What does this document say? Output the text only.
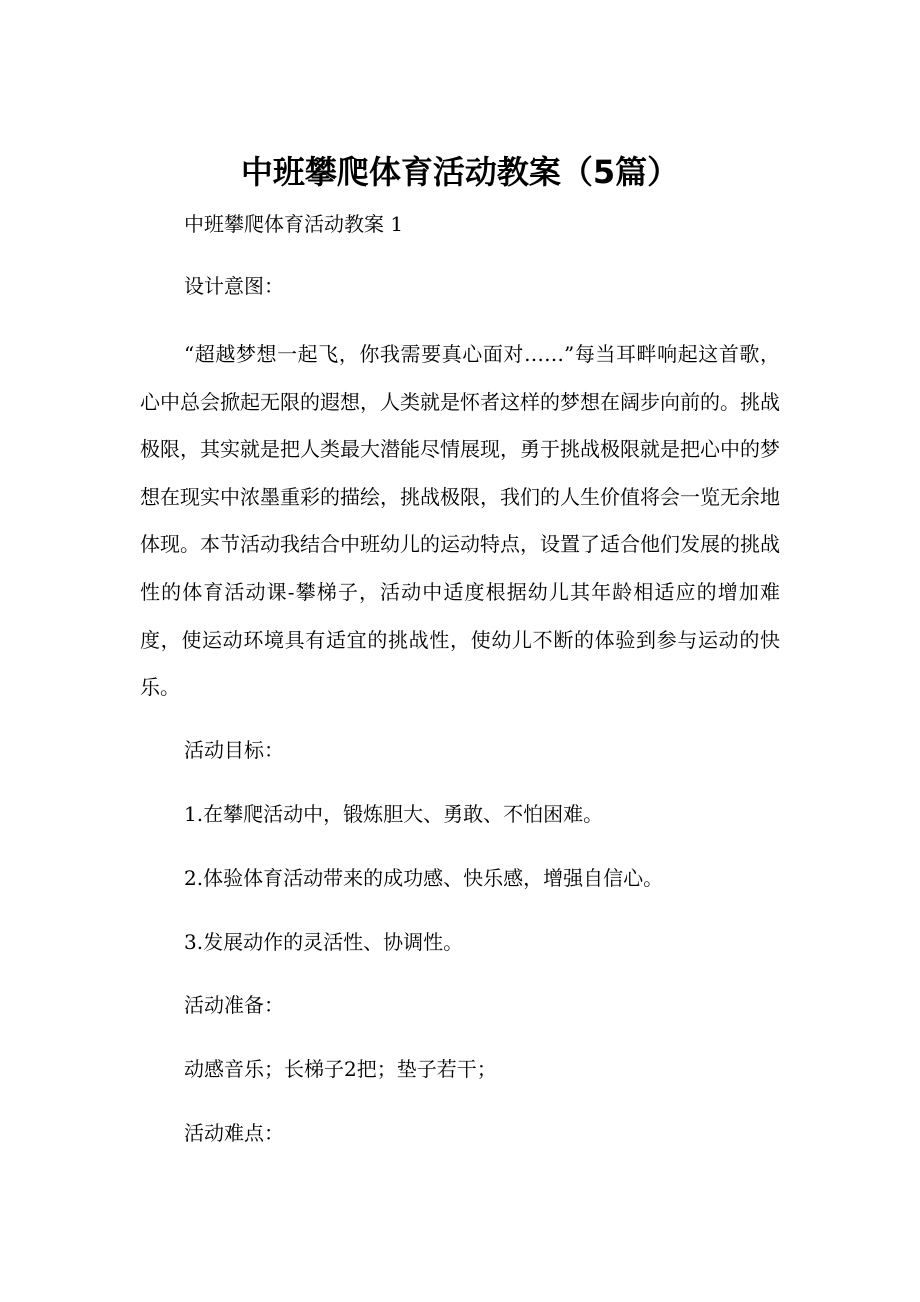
中班攀爬体育活动教案（5篇）
中班攀爬体育活动教案 1
设计意图：
“超越梦想一起飞，你我需要真心面对……”每当耳畔响起这首歌，心中总会掀起无限的遐想，人类就是怀者这样的梦想在阔步向前的。挑战极限，其实就是把人类最大潜能尽情展现，勇于挑战极限就是把心中的梦想在现实中浓墨重彩的描绘，挑战极限，我们的人生价值将会一览无余地体现。本节活动我结合中班幼儿的运动特点，设置了适合他们发展的挑战性的体育活动课-攀梯子，活动中适度根据幼儿其年龄相适应的增加难度，使运动环境具有适宜的挑战性，使幼儿不断的体验到参与运动的快乐。
活动目标：
1.在攀爬活动中，锻炼胆大、勇敢、不怕困难。
2.体验体育活动带来的成功感、快乐感，增强自信心。
3.发展动作的灵活性、协调性。
活动准备：
动感音乐；长梯子2把；垫子若干；
活动难点：
